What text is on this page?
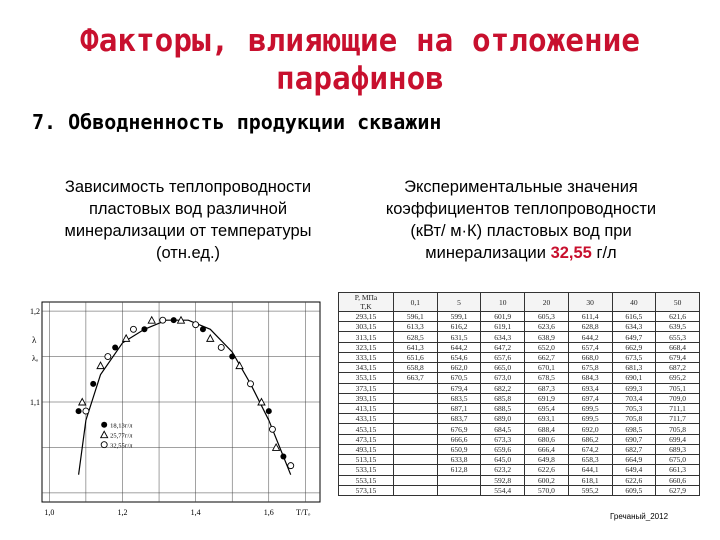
Факторы, влияющие на отложение
парафинов
7. Обводненность продукции скважин
Зависимость теплопроводности
пластовых вод различной
минерализации от температуры
(отн.ед.)
Экспериментальные значения
коэффициентов теплопроводности
(кВт/ м·К) пластовых вод при
минерализации 32,55 г/л
1,0	1,2	1,4	1,6
1,2
1,1
λ
λₒ
T/Tₒ
18,13г/л
25,77г/л
32,55г/л
P, МПа
T,K	0,1	5	10	20	30	40	50
293,15	596,1	599,1	601,9	605,3	611,4	616,5	621,6
303,15	613,3	616,2	619,1	623,6	628,8	634,3	639,5
313,15	628,5	631,5	634,3	638,9	644,2	649,7	655,3
323,15	641,3	644,2	647,2	652,0	657,4	662,9	668,4
333,15	651,6	654,6	657,6	662,7	668,0	673,5	679,4
343,15	658,8	662,0	665,0	670,1	675,8	681,3	687,2
353,15	663,7	670,5	673,0	678,5	684,3	690,1	695,2
373,15		679,4	682,2	687,3	693,4	699,3	705,1
393,15		683,5	685,8	691,9	697,4	703,4	709,0
413,15		687,1	688,5	695,4	699,5	705,3	711,1
433,15		683,7	689,0	693,1	699,5	705,8	711,7
453,15		676,9	684,5	688,4	692,0	698,5	705,8
473,15		666,6	673,3	680,6	686,2	690,7	699,4
493,15		650,9	659,6	666,4	674,2	682,7	689,3
513,15		633,8	645,0	649,8	658,3	664,9	675,0
533,15		612,8	623,2	622,6	644,1	649,4	661,3
553,15			592,8	600,2	618,1	622,6	660,6
573,15			554,4	570,0	595,2	609,5	627,9
Гречаный_2012
